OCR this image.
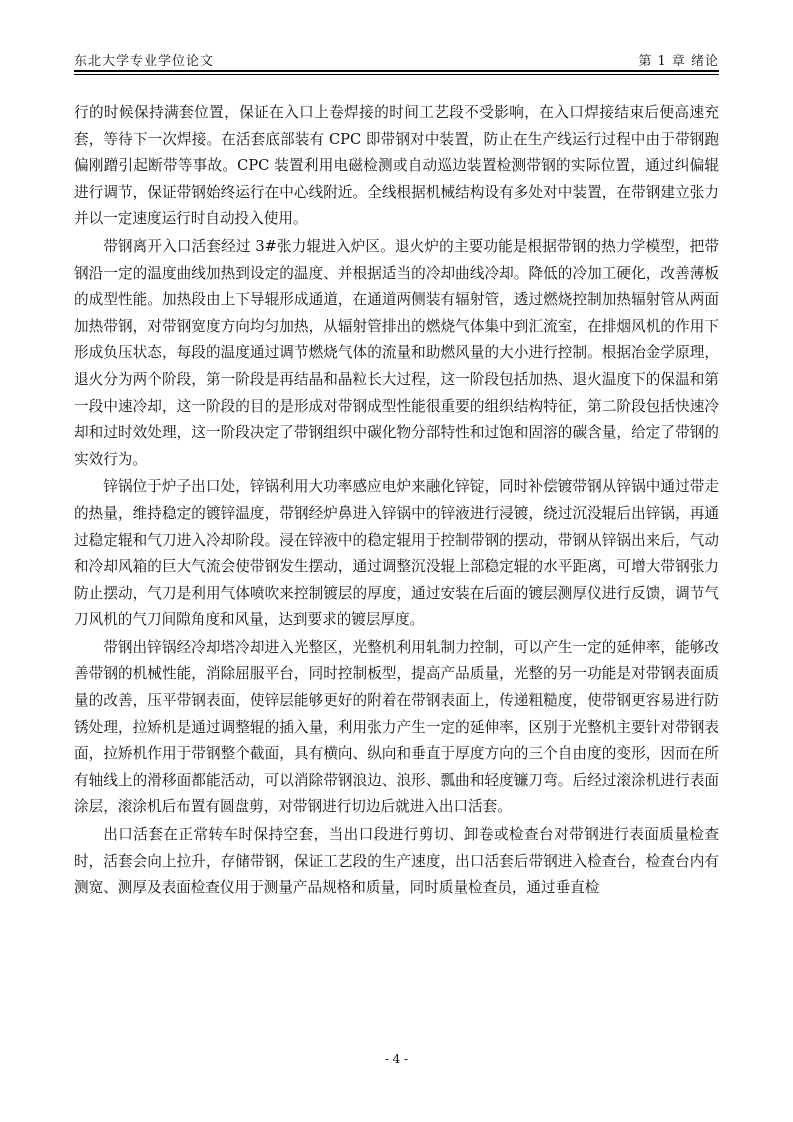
东北大学专业学位论文	第 1 章 绪论

行的时候保持满套位置，保证在入口上卷焊接的时间工艺段不受影响，在入口焊接结束后便高速充套，等待下一次焊接。在活套底部装有 CPC 即带钢对中装置，防止在生产线运行过程中由于带钢跑偏刚蹭引起断带等事故。CPC 装置利用电磁检测或自动巡边装置检测带钢的实际位置，通过纠偏辊进行调节，保证带钢始终运行在中心线附近。全线根据机械结构设有多处对中装置，在带钢建立张力并以一定速度运行时自动投入使用。

带钢离开入口活套经过 3#张力辊进入炉区。退火炉的主要功能是根据带钢的热力学模型，把带钢沿一定的温度曲线加热到设定的温度、并根据适当的冷却曲线冷却。降低的冷加工硬化，改善薄板的成型性能。加热段由上下导辊形成通道，在通道两侧装有辐射管，透过燃烧控制加热辐射管从两面加热带钢，对带钢宽度方向均匀加热，从辐射管排出的燃烧气体集中到汇流室，在排烟风机的作用下形成负压状态，每段的温度通过调节燃烧气体的流量和助燃风量的大小进行控制。根据冶金学原理，退火分为两个阶段，第一阶段是再结晶和晶粒长大过程，这一阶段包括加热、退火温度下的保温和第一段中速冷却，这一阶段的目的是形成对带钢成型性能很重要的组织结构特征，第二阶段包括快速冷却和过时效处理，这一阶段决定了带钢组织中碳化物分部特性和过饱和固溶的碳含量，给定了带钢的实效行为。

锌锅位于炉子出口处，锌锅利用大功率感应电炉来融化锌锭，同时补偿镀带钢从锌锅中通过带走的热量，维持稳定的镀锌温度，带钢经炉鼻进入锌锅中的锌液进行浸镀，绕过沉没辊后出锌锅，再通过稳定辊和气刀进入冷却阶段。浸在锌液中的稳定辊用于控制带钢的摆动，带钢从锌锅出来后，气动和冷却风箱的巨大气流会使带钢发生摆动，通过调整沉没辊上部稳定辊的水平距离，可增大带钢张力防止摆动，气刀是利用气体喷吹来控制镀层的厚度，通过安装在后面的镀层测厚仪进行反馈，调节气刀风机的气刀间隙角度和风量，达到要求的镀层厚度。

带钢出锌锅经冷却塔冷却进入光整区，光整机利用轧制力控制，可以产生一定的延伸率，能够改善带钢的机械性能，消除屈服平台，同时控制板型，提高产品质量，光整的另一功能是对带钢表面质量的改善，压平带钢表面，使锌层能够更好的附着在带钢表面上，传递粗糙度，使带钢更容易进行防锈处理，拉矫机是通过调整辊的插入量，利用张力产生一定的延伸率，区别于光整机主要针对带钢表面，拉矫机作用于带钢整个截面，具有横向、纵向和垂直于厚度方向的三个自由度的变形，因而在所有轴线上的滑移面都能活动，可以消除带钢浪边、浪形、瓢曲和轻度镰刀弯。后经过滚涂机进行表面涂层，滚涂机后布置有圆盘剪，对带钢进行切边后就进入出口活套。

出口活套在正常转车时保持空套，当出口段进行剪切、卸卷或检查台对带钢进行表面质量检查时，活套会向上拉升，存储带钢，保证工艺段的生产速度，出口活套后带钢进入检查台，检查台内有测宽、测厚及表面检查仪用于测量产品规格和质量，同时质量检查员，通过垂直检

- 4 -
